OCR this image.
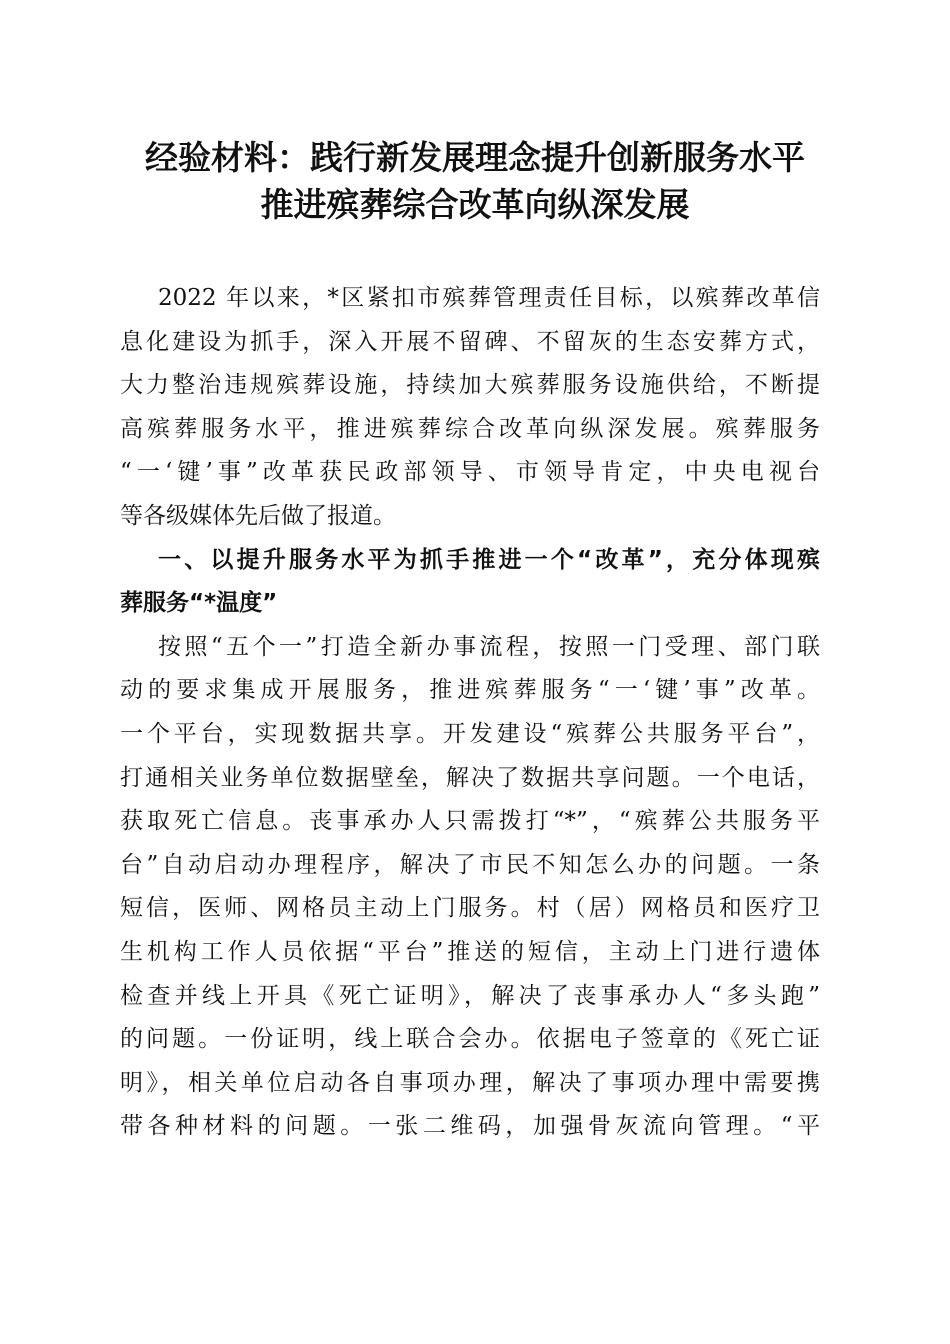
经验材料：践行新发展理念提升创新服务水平
推进殡葬综合改革向纵深发展
2022 年以来，*区紧扣市殡葬管理责任目标，以殡葬改革信
息化建设为抓手，深入开展不留碑、不留灰的生态安葬方式，
大力整治违规殡葬设施，持续加大殡葬服务设施供给，不断提
高殡葬服务水平，推进殡葬综合改革向纵深发展。殡葬服务
“一‘键’事”改革获民政部领导、市领导肯定，中央电视台
等各级媒体先后做了报道。
一、以提升服务水平为抓手推进一个“改革”，充分体现殡
葬服务“*温度”
按照“五个一”打造全新办事流程，按照一门受理、部门联
动的要求集成开展服务，推进殡葬服务“一‘键’事”改革。
一个平台，实现数据共享。开发建设“殡葬公共服务平台”，
打通相关业务单位数据壁垒，解决了数据共享问题。一个电话，
获取死亡信息。丧事承办人只需拨打“*”，“殡葬公共服务平
台”自动启动办理程序，解决了市民不知怎么办的问题。一条
短信，医师、网格员主动上门服务。村（居）网格员和医疗卫
生机构工作人员依据“平台”推送的短信，主动上门进行遗体
检查并线上开具《死亡证明》，解决了丧事承办人“多头跑”
的问题。一份证明，线上联合会办。依据电子签章的《死亡证
明》，相关单位启动各自事项办理，解决了事项办理中需要携
带各种材料的问题。一张二维码，加强骨灰流向管理。“平
